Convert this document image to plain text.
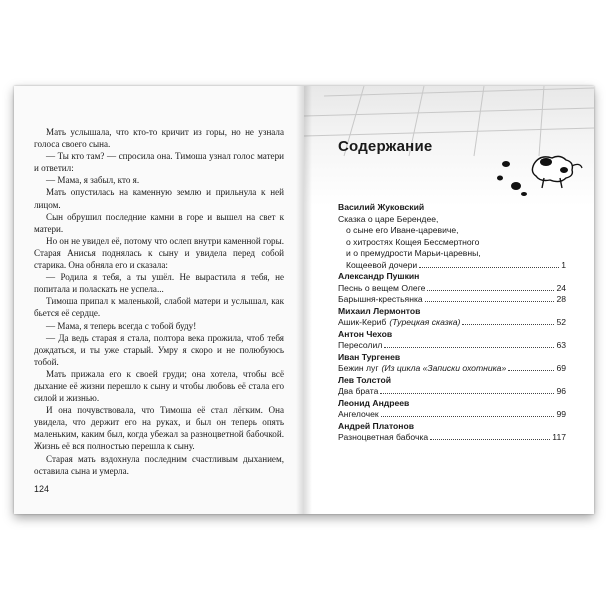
Мать услышала, что кто-то кричит из горы, но не узнала голоса своего сына.

— Ты кто там? — спросила она. Тимоша узнал голос матери и ответил:

— Мама, я забыл, кто я.

Мать опустилась на каменную землю и прильнула к ней лицом.

Сын обрушил последние камни в горе и вышел на свет к матери.

Но он не увидел её, потому что ослеп внутри каменной горы. Старая Анисья поднялась к сыну и увидела перед собой старика. Она обняла его и сказала:

— Родила я тебя, а ты ушёл. Не вырастила я тебя, не попитала и поласкать не успела...

Тимоша припал к маленькой, слабой матери и услышал, как бьется её сердце.

— Мама, я теперь всегда с тобой буду!

— Да ведь старая я стала, полтора века прожила, чтоб тебя дождаться, и ты уже старый. Умру я скоро и не полюбуюсь тобой.

Мать прижала его к своей груди; она хотела, чтобы всё дыхание её жизни перешло к сыну и чтобы любовь её стала его силой и жизнью.

И она почувствовала, что Тимоша её стал лёгким. Она увидела, что держит его на руках, и был он теперь опять маленьким, каким был, когда убежал за разноцветной бабочкой. Жизнь её вся полностью перешла к сыну.

Старая мать вздохнула последним счастливым дыханием, оставила сына и умерла.

124
Содержание
Василий Жуковский
Сказка о царе Берендее,
о сыне его Иване-царевиче,
о хитростях Кощея Бессмертного
и о премудрости Марьи-царевны,
Кощеевой дочери	1
Александр Пушкин
Песнь о вещем Олеге	24
Барышня-крестьянка	28
Михаил Лермонтов
Ашик-Кериб (Турецкая сказка)	52
Антон Чехов
Пересолил	63
Иван Тургенев
Бежин луг (Из цикла «Записки охотника»	69
Лев Толстой
Два брата	96
Леонид Андреев
Ангелочек	99
Андрей Платонов
Разноцветная бабочка	117
